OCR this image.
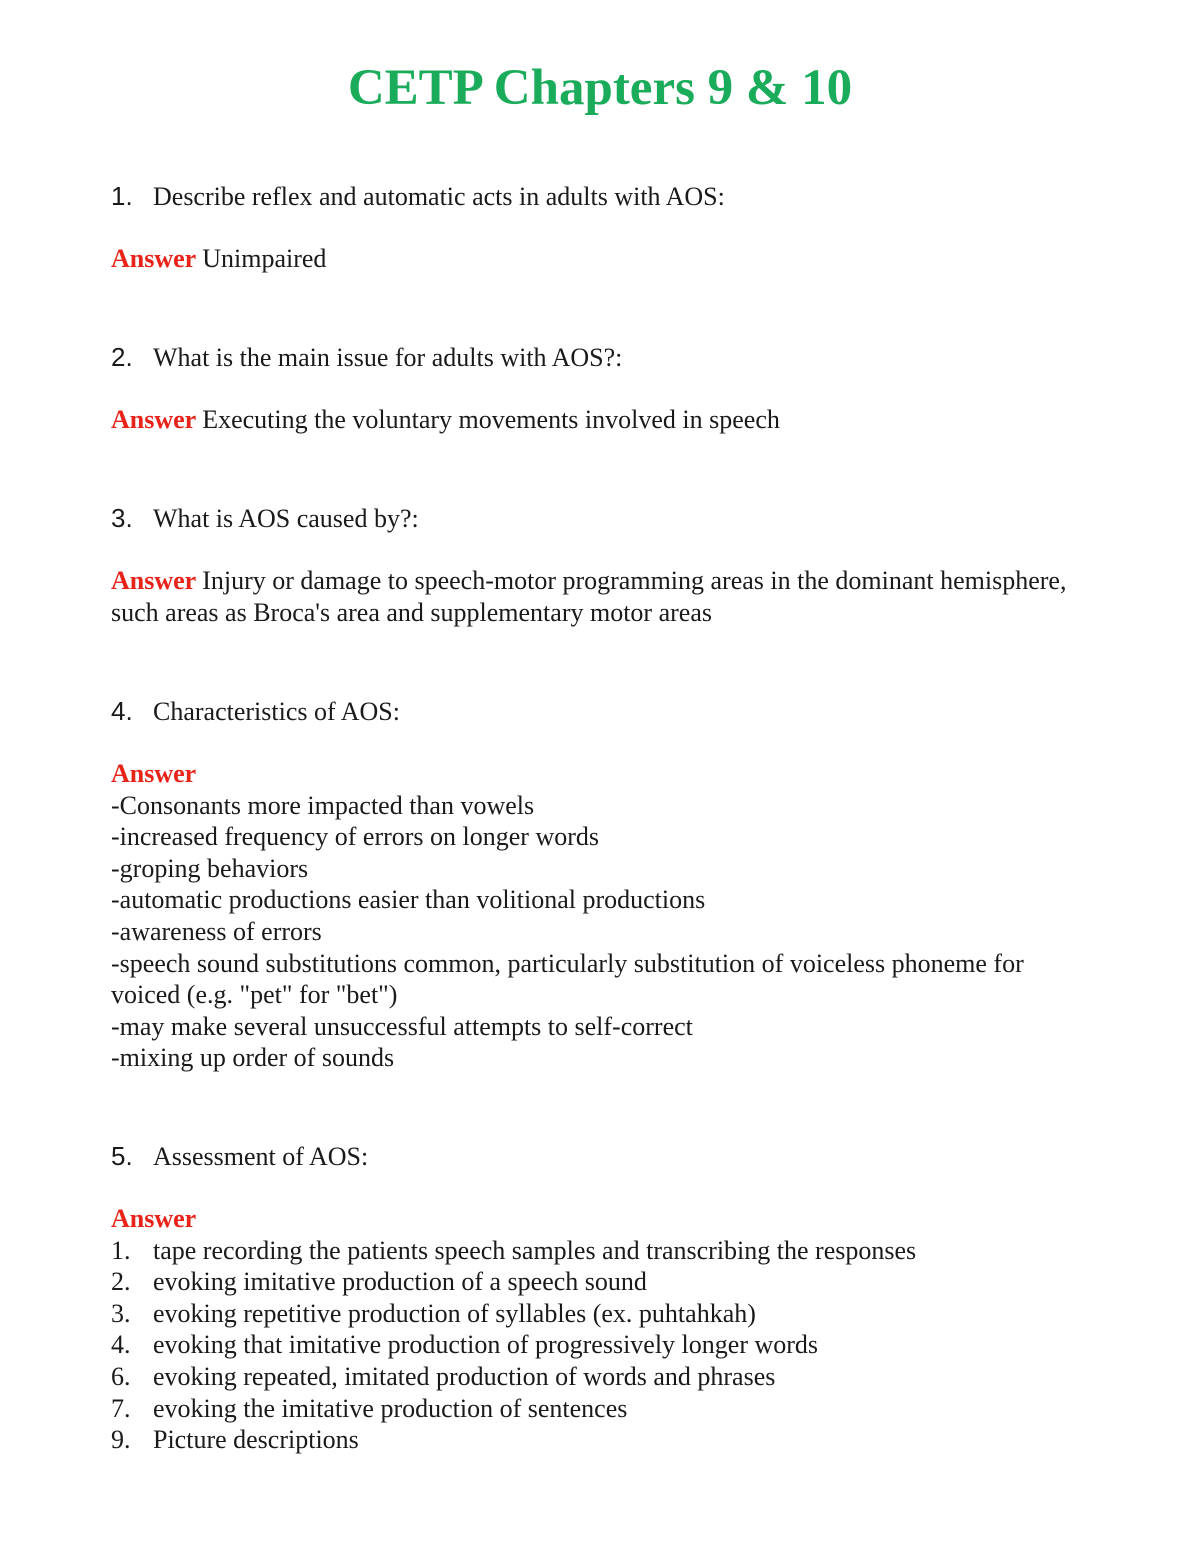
CETP Chapters 9 & 10
1. Describe reflex and automatic acts in adults with AOS:
Answer Unimpaired
2. What is the main issue for adults with AOS?:
Answer Executing the voluntary movements involved in speech
3. What is AOS caused by?:
Answer Injury or damage to speech-motor programming areas in the dominant hemisphere,
such areas as Broca's area and supplementary motor areas
4. Characteristics of AOS:
Answer
-Consonants more impacted than vowels
-increased frequency of errors on longer words
-groping behaviors
-automatic productions easier than volitional productions
-awareness of errors
-speech sound substitutions common, particularly substitution of voiceless phoneme for
voiced (e.g. "pet" for "bet")
-may make several unsuccessful attempts to self-correct
-mixing up order of sounds
5. Assessment of AOS:
Answer
1. tape recording the patients speech samples and transcribing the responses
2. evoking imitative production of a speech sound
3. evoking repetitive production of syllables (ex. puhtahkah)
4. evoking that imitative production of progressively longer words
6. evoking repeated, imitated production of words and phrases
7. evoking the imitative production of sentences
9. Picture descriptions
